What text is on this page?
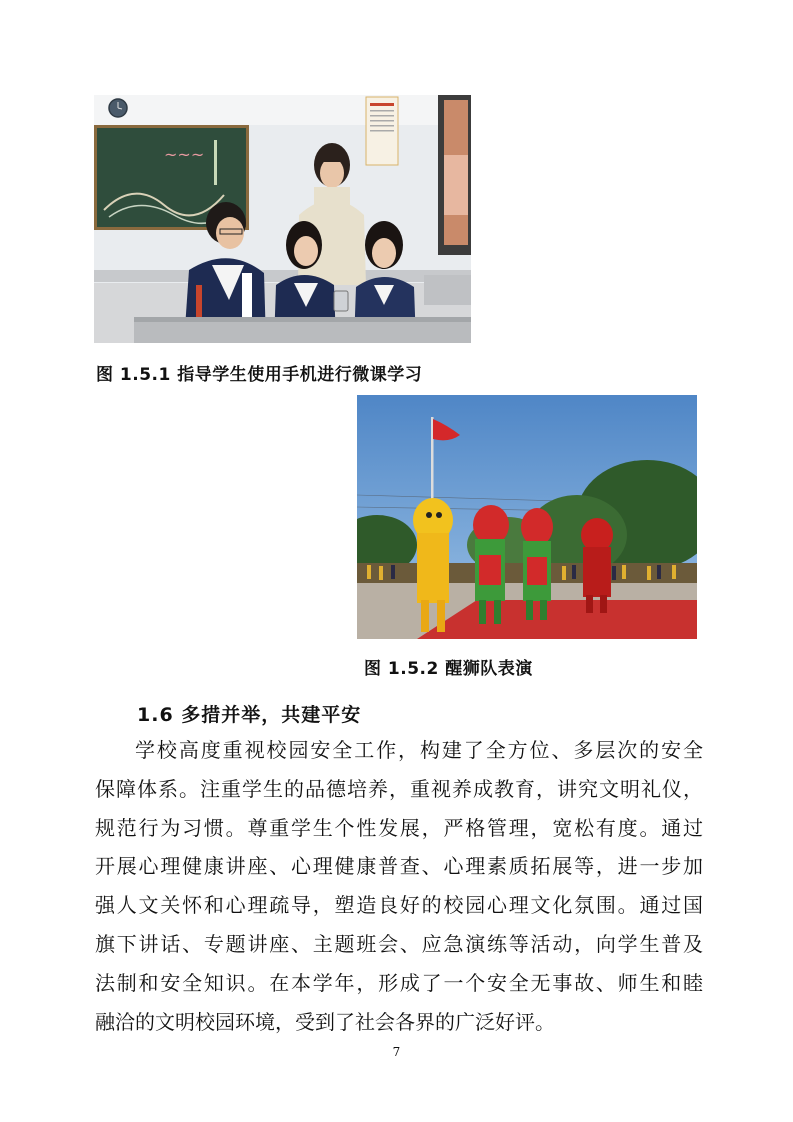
~~~
图 1.5.1 指导学生使用手机进行微课学习
图 1.5.2 醒狮队表演
1.6 多措并举，共建平安
学校高度重视校园安全工作，构建了全方位、多层次的安全
保障体系。注重学生的品德培养，重视养成教育，讲究文明礼仪，
规范行为习惯。尊重学生个性发展，严格管理，宽松有度。通过
开展心理健康讲座、心理健康普查、心理素质拓展等，进一步加
强人文关怀和心理疏导，塑造良好的校园心理文化氛围。通过国
旗下讲话、专题讲座、主题班会、应急演练等活动，向学生普及
法制和安全知识。在本学年，形成了一个安全无事故、师生和睦
融洽的文明校园环境，受到了社会各界的广泛好评。
7
